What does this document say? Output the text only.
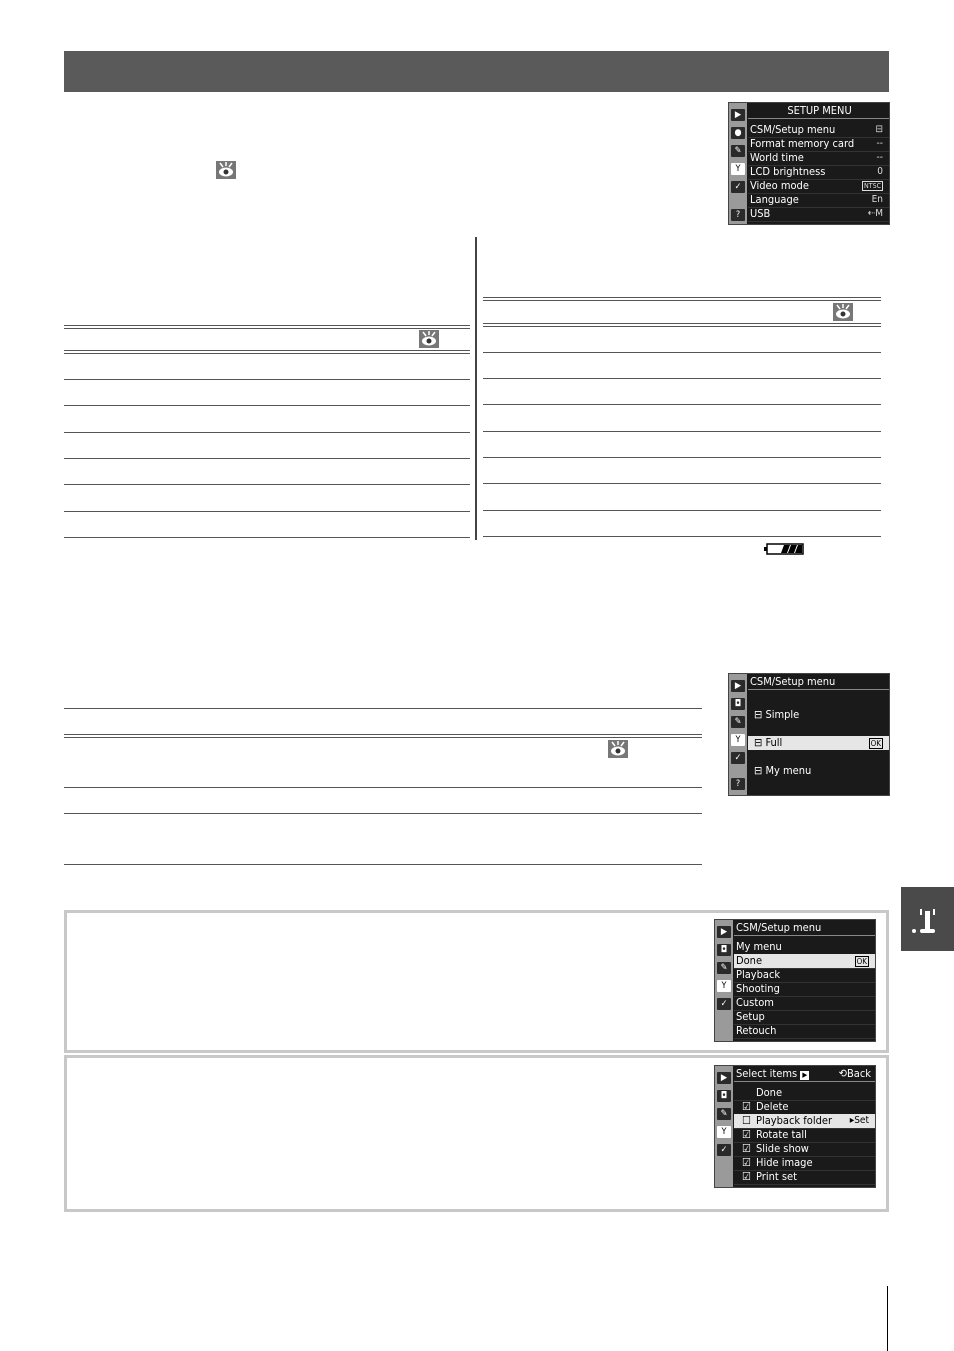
▶
●
✎
Y
✓
?
SETUP MENU
CSM/Setup menu	⊟
Format memory card --
World time	--
LCD brightness	0
Video mode	NTSC
Language	En
USB	⇠M
▶
◘
✎
Y
✓
?
CSM/Setup menu
⊟ Simple
⊟ Full	OK
⊟ My menu
▶
◘
✎
Y
✓
CSM/Setup menu
My menu
Done	OK
Playback
Shooting
Custom
Setup
Retouch
▶
◘
✎
Y
✓
Select items ▶	⟲Back
Done
☑ Delete
☐ Playback folder ▸Set
☑ Rotate tall
☑ Slide show
☑ Hide image
☑ Print set
